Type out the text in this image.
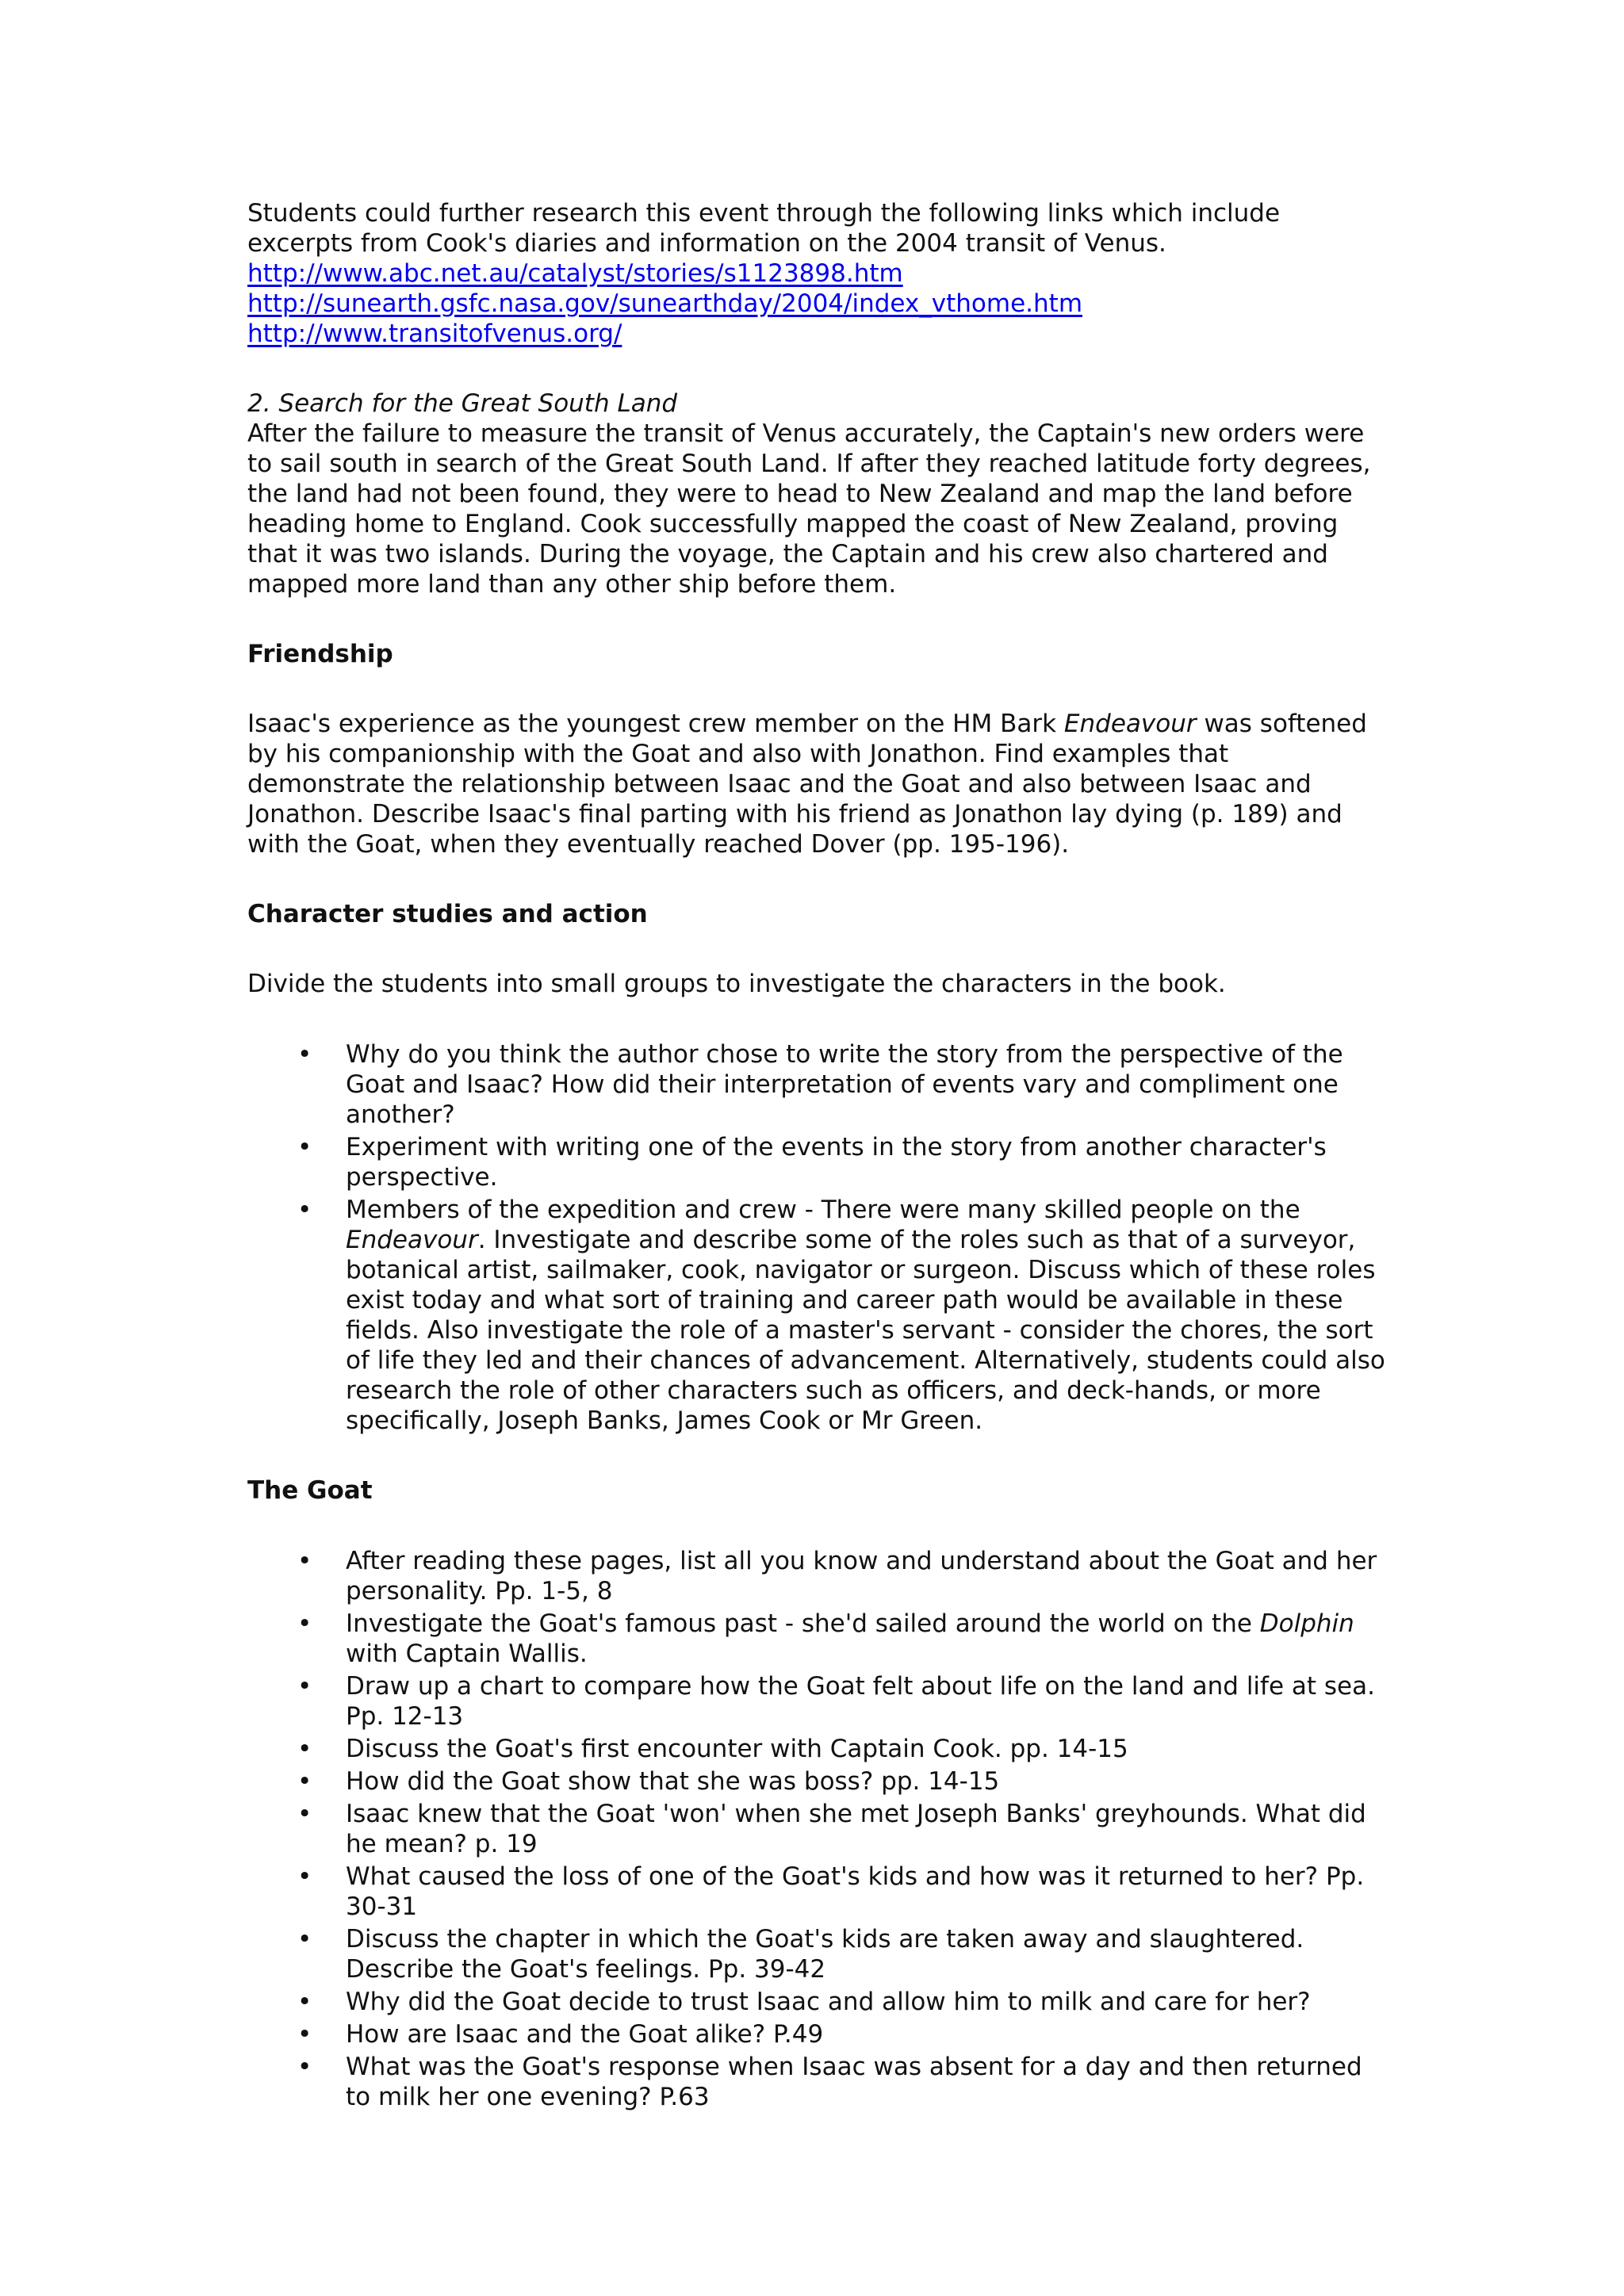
Students could further research this event through the following links which include excerpts from Cook's diaries and information on the 2004 transit of Venus.

http://www.abc.net.au/catalyst/stories/s1123898.htm
http://sunearth.gsfc.nasa.gov/sunearthday/2004/index_vthome.htm
http://www.transitofvenus.org/

2. Search for the Great South Land

After the failure to measure the transit of Venus accurately, the Captain's new orders were to sail south in search of the Great South Land. If after they reached latitude forty degrees, the land had not been found, they were to head to New Zealand and map the land before heading home to England. Cook successfully mapped the coast of New Zealand, proving that it was two islands. During the voyage, the Captain and his crew also chartered and mapped more land than any other ship before them.

Friendship

Isaac's experience as the youngest crew member on the HM Bark Endeavour was softened by his companionship with the Goat and also with Jonathon. Find examples that demonstrate the relationship between Isaac and the Goat and also between Isaac and Jonathon. Describe Isaac's final parting with his friend as Jonathon lay dying (p. 189) and with the Goat, when they eventually reached Dover (pp. 195-196).

Character studies and action

Divide the students into small groups to investigate the characters in the book.

• Why do you think the author chose to write the story from the perspective of the Goat and Isaac? How did their interpretation of events vary and compliment one another?
• Experiment with writing one of the events in the story from another character's perspective.
• Members of the expedition and crew - There were many skilled people on the Endeavour. Investigate and describe some of the roles such as that of a surveyor, botanical artist, sailmaker, cook, navigator or surgeon. Discuss which of these roles exist today and what sort of training and career path would be available in these fields. Also investigate the role of a master's servant - consider the chores, the sort of life they led and their chances of advancement. Alternatively, students could also research the role of other characters such as officers, and deck-hands, or more specifically, Joseph Banks, James Cook or Mr Green.
The Goat
• After reading these pages, list all you know and understand about the Goat and her personality. Pp. 1-5, 8
• Investigate the Goat's famous past - she'd sailed around the world on the Dolphin with Captain Wallis.
• Draw up a chart to compare how the Goat felt about life on the land and life at sea. Pp. 12-13
• Discuss the Goat's first encounter with Captain Cook. pp. 14-15
• How did the Goat show that she was boss? pp. 14-15
• Isaac knew that the Goat 'won' when she met Joseph Banks' greyhounds. What did he mean? p. 19
• What caused the loss of one of the Goat's kids and how was it returned to her? Pp. 30-31
• Discuss the chapter in which the Goat's kids are taken away and slaughtered. Describe the Goat's feelings. Pp. 39-42
• Why did the Goat decide to trust Isaac and allow him to milk and care for her?
• How are Isaac and the Goat alike? P.49
• What was the Goat's response when Isaac was absent for a day and then returned to milk her one evening? P.63
